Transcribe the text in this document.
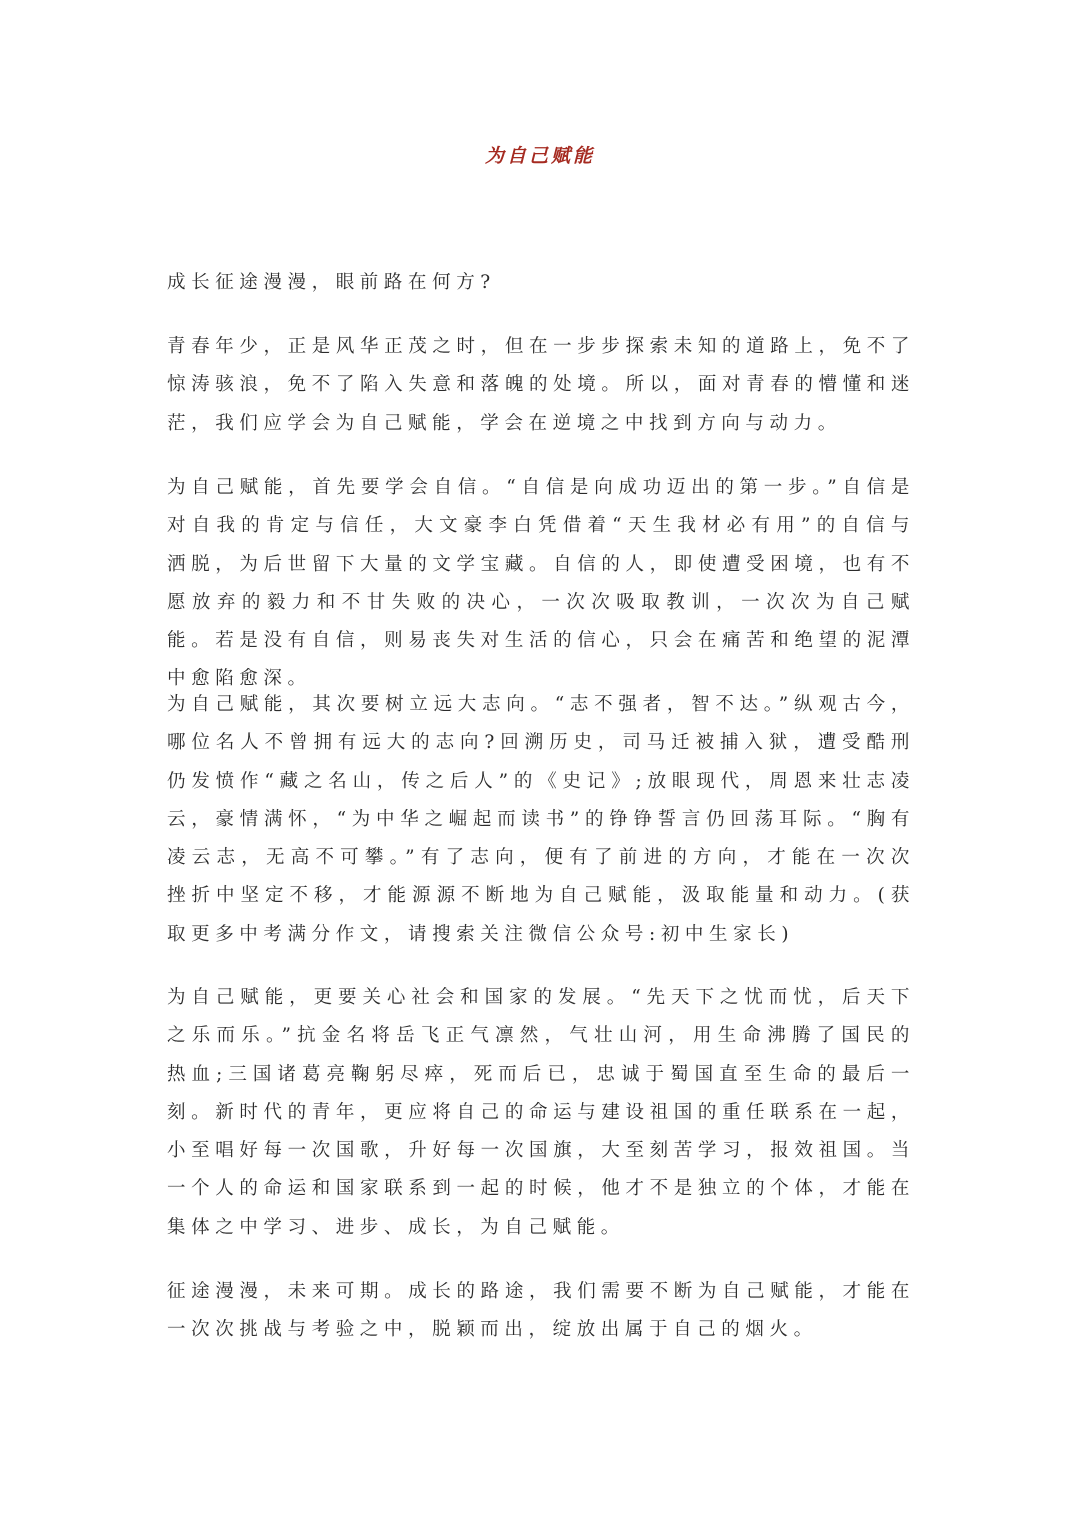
为自己赋能

成长征途漫漫，眼前路在何方?

青春年少，正是风华正茂之时，但在一步步探索未知的道路上，免不了惊涛骇浪，免不了陷入失意和落魄的处境。所以，面对青春的懵懂和迷茫，我们应学会为自己赋能，学会在逆境之中找到方向与动力。

为自己赋能，首先要学会自信。“自信是向成功迈出的第一步。”自信是对自我的肯定与信任，大文豪李白凭借着“天生我材必有用”的自信与洒脱，为后世留下大量的文学宝藏。自信的人，即使遭受困境，也有不愿放弃的毅力和不甘失败的决心，一次次吸取教训，一次次为自己赋能。若是没有自信，则易丧失对生活的信心，只会在痛苦和绝望的泥潭中愈陷愈深。

为自己赋能，其次要树立远大志向。“志不强者，智不达。”纵观古今，哪位名人不曾拥有远大的志向?回溯历史，司马迁被捕入狱，遭受酷刑仍发愤作“藏之名山，传之后人”的《史记》;放眼现代，周恩来壮志凌云，豪情满怀，“为中华之崛起而读书”的铮铮誓言仍回荡耳际。“胸有凌云志，无高不可攀。”有了志向，便有了前进的方向，才能在一次次挫折中坚定不移，才能源源不断地为自己赋能，汲取能量和动力。(获取更多中考满分作文，请搜索关注微信公众号:初中生家长)

为自己赋能，更要关心社会和国家的发展。“先天下之忧而忧，后天下之乐而乐。”抗金名将岳飞正气凛然，气壮山河，用生命沸腾了国民的热血;三国诸葛亮鞠躬尽瘁，死而后已，忠诚于蜀国直至生命的最后一刻。新时代的青年，更应将自己的命运与建设祖国的重任联系在一起，小至唱好每一次国歌，升好每一次国旗，大至刻苦学习，报效祖国。当一个人的命运和国家联系到一起的时候，他才不是独立的个体，才能在集体之中学习、进步、成长，为自己赋能。

征途漫漫，未来可期。成长的路途，我们需要不断为自己赋能，才能在一次次挑战与考验之中，脱颖而出，绽放出属于自己的烟火。
